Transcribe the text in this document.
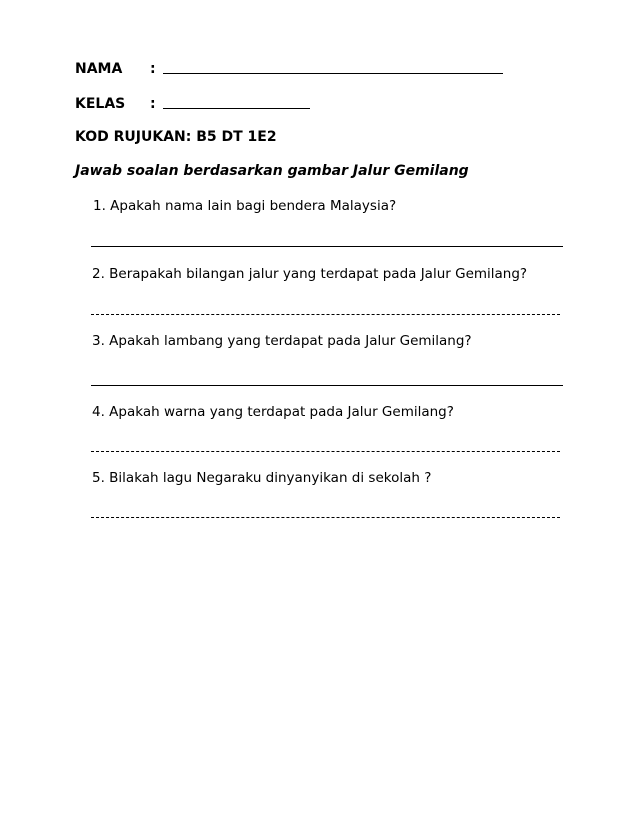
NAMA :
KELAS :
KOD RUJUKAN: B5 DT 1E2
Jawab soalan berdasarkan gambar Jalur Gemilang
1. Apakah nama lain bagi bendera Malaysia?
2. Berapakah bilangan jalur yang terdapat pada Jalur Gemilang?
3. Apakah lambang yang terdapat pada Jalur Gemilang?
4. Apakah warna yang terdapat pada Jalur Gemilang?
5. Bilakah lagu Negaraku dinyanyikan di sekolah ?
